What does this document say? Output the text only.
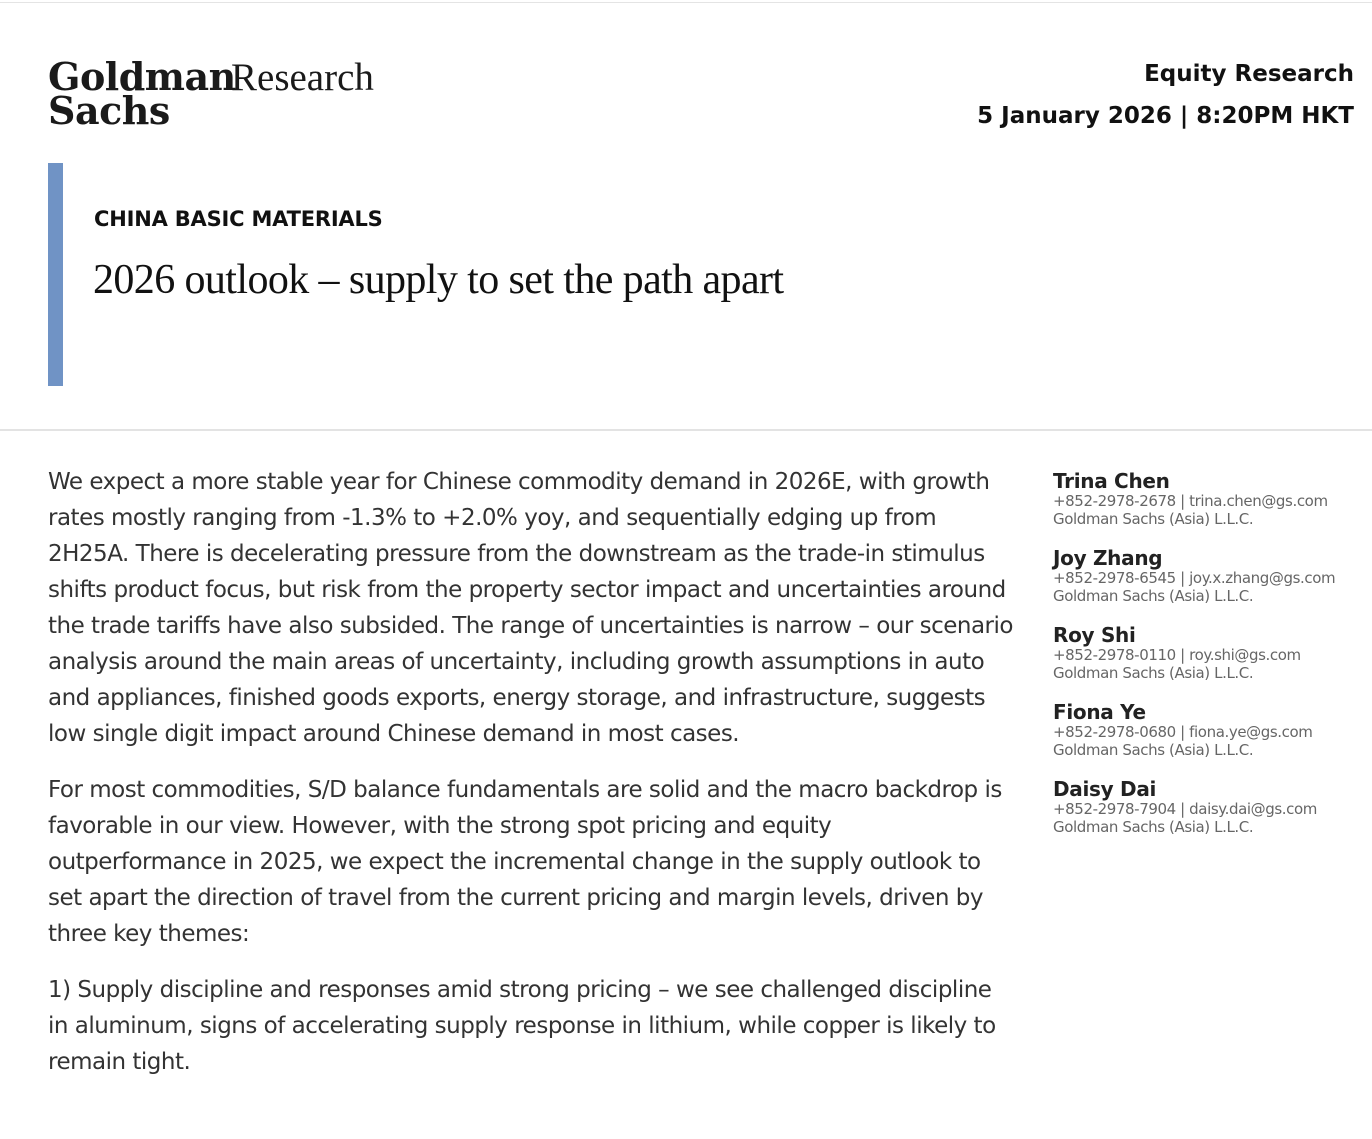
Goldman
Sachs
Research	Equity Research
5 January 2026 | 8:20PM HKT
CHINA BASIC MATERIALS
2026 outlook – supply to set the path apart

We expect a more stable year for Chinese commodity demand in 2026E, with growth rates mostly ranging from -1.3% to +2.0% yoy, and sequentially edging up from 2H25A. There is decelerating pressure from the downstream as the trade-in stimulus shifts product focus, but risk from the property sector impact and uncertainties around the trade tariffs have also subsided. The range of uncertainties is narrow – our scenario analysis around the main areas of uncertainty, including growth assumptions in auto and appliances, finished goods exports, energy storage, and infrastructure, suggests low single digit impact around Chinese demand in most cases.

For most commodities, S/D balance fundamentals are solid and the macro backdrop is favorable in our view. However, with the strong spot pricing and equity outperformance in 2025, we expect the incremental change in the supply outlook to set apart the direction of travel from the current pricing and margin levels, driven by three key themes:

1) Supply discipline and responses amid strong pricing – we see challenged discipline in aluminum, signs of accelerating supply response in lithium, while copper is likely to remain tight.

Trina Chen
+852-2978-2678 | trina.chen@gs.com
Goldman Sachs (Asia) L.L.C.
Joy Zhang
+852-2978-6545 | joy.x.zhang@gs.com
Goldman Sachs (Asia) L.L.C.
Roy Shi
+852-2978-0110 | roy.shi@gs.com
Goldman Sachs (Asia) L.L.C.
Fiona Ye
+852-2978-0680 | fiona.ye@gs.com
Goldman Sachs (Asia) L.L.C.
Daisy Dai
+852-2978-7904 | daisy.dai@gs.com
Goldman Sachs (Asia) L.L.C.
